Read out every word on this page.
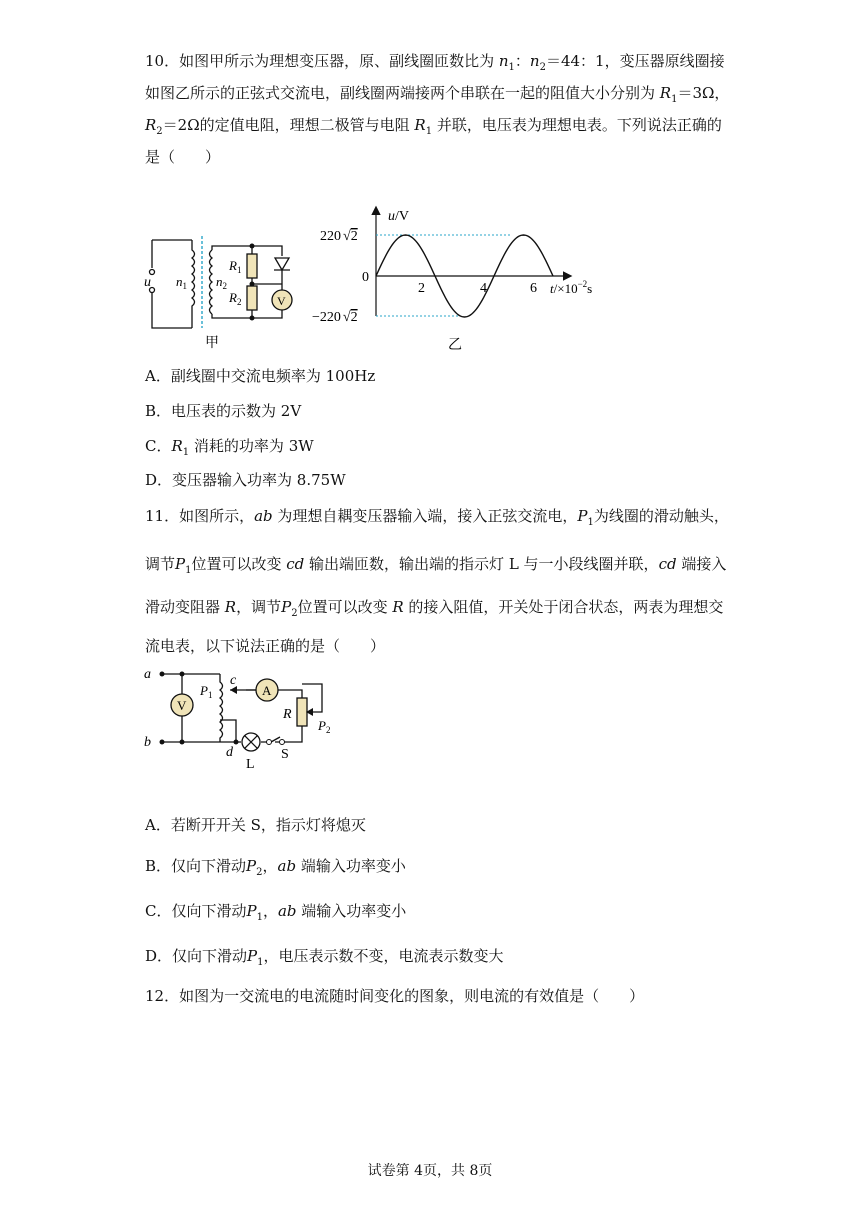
10．如图甲所示为理想变压器，原、副线圈匝数比为 $n_1$：$n_2=44$：1，变压器原线圈接
如图乙所示的正弦式交流电，副线圈两端接两个串联在一起的阻值大小分别为 $R_1=3\Omega$，
$R_2=2\Omega$的定值电阻，理想二极管与电阻 $R_1$ 并联，电压表为理想电表。下列说法正确的
是（　　）
u $n_1$ $n_2$
$R_1$
$R_2$	V
甲
u/V
220 √2
−220 √2
0
2	4	6 $t/\times 10^{-2}s$
乙
A．副线圈中交流电频率为 100Hz
B．电压表的示数为 2V
C．$R_1$ 消耗的功率为 3W
D．变压器输入功率为 8.75W
11．如图所示，ab 为理想自耦变压器输入端，接入正弦交流电，$P_1$为线圈的滑动触头，
调节$P_1$位置可以改变 cd 输出端匝数，输出端的指示灯 L 与一小段线圈并联，cd 端接入
滑动变阻器 R，调节$P_2$位置可以改变 R 的接入阻值，开关处于闭合状态，两表为理想交
流电表，以下说法正确的是（　　）
a
b
V
A
$P_1$
c
R
$P_2$
d
L
S
A．若断开开关 S，指示灯将熄灭
B．仅向下滑动$P_2$，ab 端输入功率变小
C．仅向下滑动$P_1$，ab 端输入功率变小
D．仅向下滑动$P_1$，电压表示数不变，电流表示数变大
12．如图为一交流电的电流随时间变化的图象，则电流的有效值是（　　）
试卷第 4页，共 8页
